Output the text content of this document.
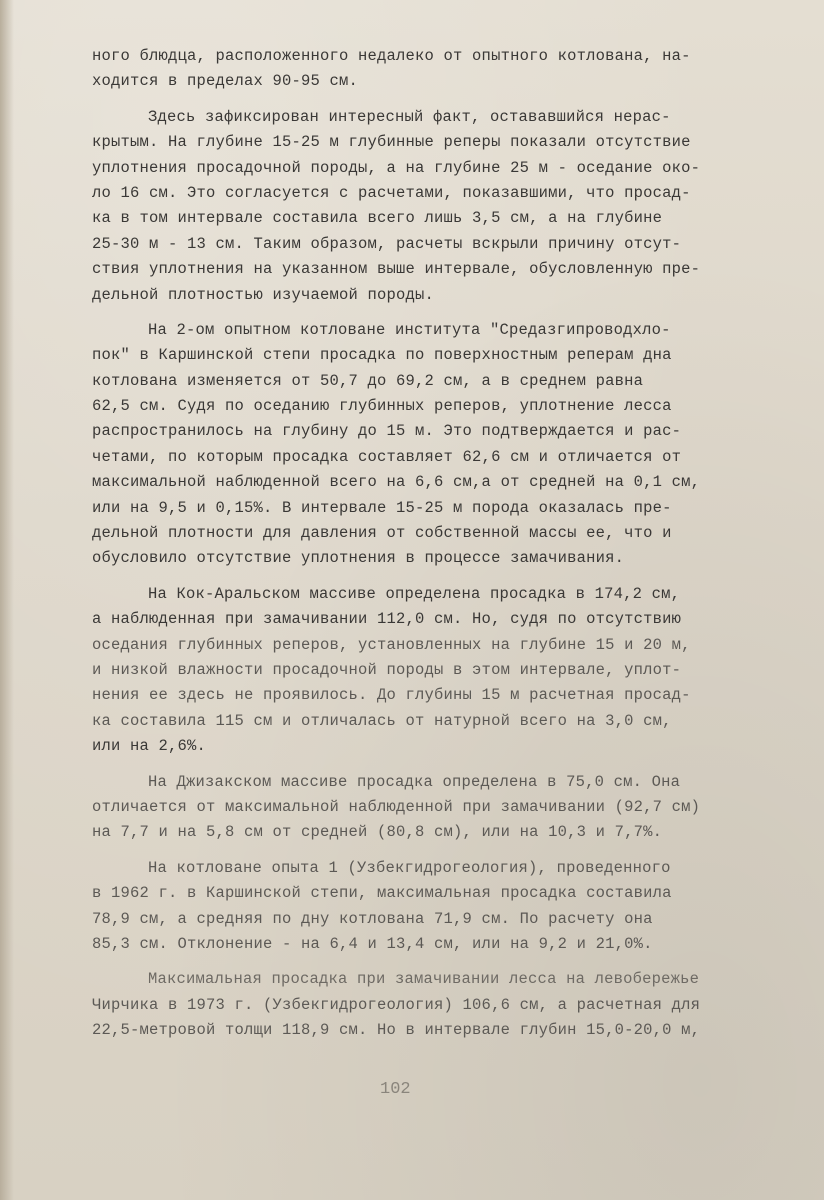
ного блюдца, расположенного недалеко от опытного котлована, на-
ходится в пределах 90-95 см.
Здесь зафиксирован интересный факт, остававшийся нерас-
крытым. На глубине 15-25 м глубинные реперы показали отсутствие
уплотнения просадочной породы, а на глубине 25 м - оседание око-
ло 16 см. Это согласуется с расчетами, показавшими, что просад-
ка в том интервале составила всего лишь 3,5 см, а на глубине
25-30 м - 13 см. Таким образом, расчеты вскрыли причину отсут-
ствия уплотнения на указанном выше интервале, обусловленную пре-
дельной плотностью изучаемой породы.
На 2-ом опытном котловане института "Средазгипроводхло-
пок" в Каршинской степи просадка по поверхностным реперам дна
котлована изменяется от 50,7 до 69,2 см, а в среднем равна
62,5 см. Судя по оседанию глубинных реперов, уплотнение лесса
распространилось на глубину до 15 м. Это подтверждается и рас-
четами, по которым просадка составляет 62,6 см и отличается от
максимальной наблюденной всего на 6,6 см,а от средней на 0,1 см,
или на 9,5 и 0,15%. В интервале 15-25 м порода оказалась пре-
дельной плотности для давления от собственной массы ее, что и
обусловило отсутствие уплотнения в процессе замачивания.
На Кок-Аральском массиве определена просадка в 174,2 см,
а наблюденная при замачивании 112,0 см. Но, судя по отсутствию
оседания глубинных реперов, установленных на глубине 15 и 20 м,
и низкой влажности просадочной породы в этом интервале, уплот-
нения ее здесь не проявилось. До глубины 15 м расчетная просад-
ка составила 115 см и отличалась от натурной всего на 3,0 см,
или на 2,6%.
На Джизакском массиве просадка определена в 75,0 см. Она
отличается от максимальной наблюденной при замачивании (92,7 см)
на 7,7 и на 5,8 см от средней (80,8 см), или на 10,3 и 7,7%.
На котловане опыта 1 (Узбекгидрогеология), проведенного
в 1962 г. в Каршинской степи, максимальная просадка составила
78,9 см, а средняя по дну котлована 71,9 см. По расчету она
85,3 см. Отклонение - на 6,4 и 13,4 см, или на 9,2 и 21,0%.
Максимальная просадка при замачивании лесса на левобережье
Чирчика в 1973 г. (Узбекгидрогеология) 106,6 см, а расчетная для
22,5-метровой толщи 118,9 см. Но в интервале глубин 15,0-20,0 м,
102
